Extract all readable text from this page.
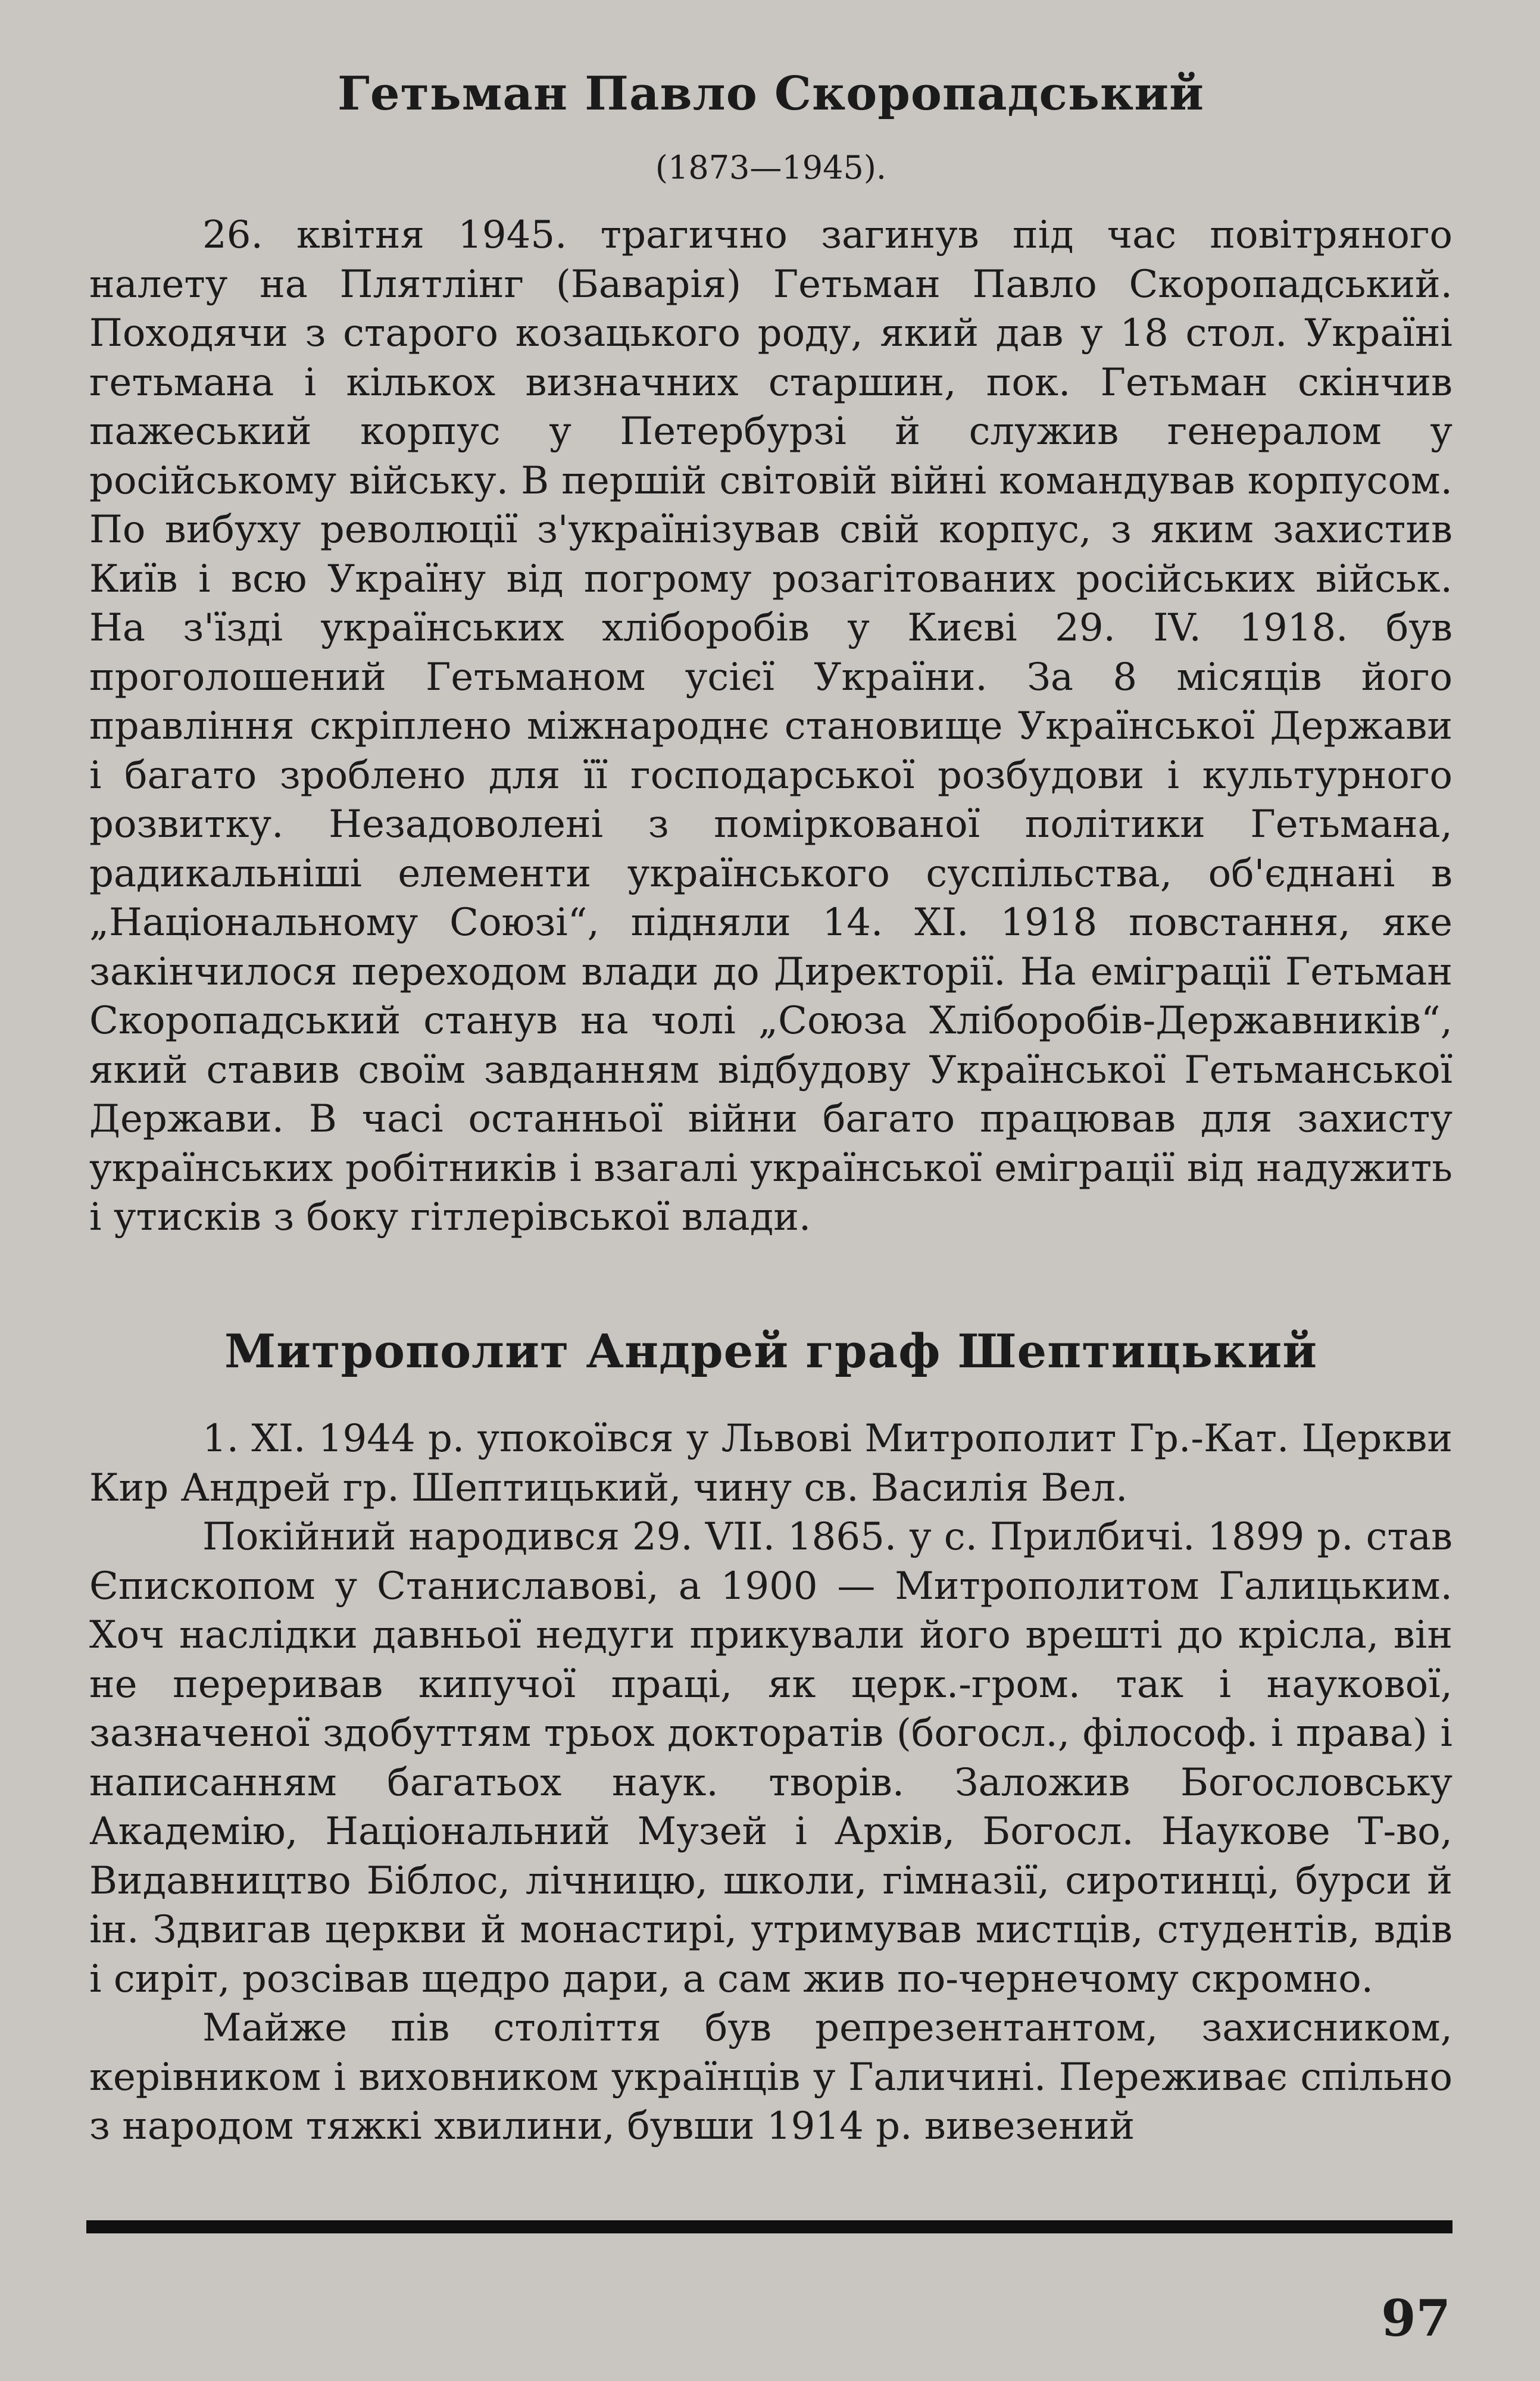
Гетьман Павло Скоропадський
(1873—1945).

26. квітня 1945. трагично загинув під час повітряного налету на Плятлінг (Баварія) Гетьман Павло Скоропадський. Походячи з старого козацького роду, який дав у 18 стол. Україні гетьмана і кількох визначних старшин, пок. Гетьман скінчив пажеський корпус у Петербурзі й служив генералом у російському війську. В першій світовій війні командував корпусом. По вибуху революції з'українізував свій корпус, з яким захистив Київ і всю Україну від погрому розагітованих російських військ. На з'їзді українських хліборобів у Києві 29. IV. 1918. був проголошений Гетьманом усієї України. За 8 місяців його правління скріплено міжнароднє становище Української Держави і багато зроблено для її господарської розбудови і культурного розвитку. Незадоволені з поміркованої політики Гетьмана, радикальніші елементи українського суспільства, об'єднані в „Національному Союзі“, підняли 14. XI. 1918 повстання, яке закінчилося переходом влади до Директорії. На еміграції Гетьман Скоропадський станув на чолі „Союза Хліборобів-Державників“, який ставив своїм завданням відбудову Української Гетьманської Держави. В часі останньої війни багато працював для захисту українських робітників і взагалі української еміграції від надужить і утисків з боку гітлерівської влади.

Митрополит Андрей граф Шептицький

1. XI. 1944 р. упокоївся у Львові Митрополит Гр.-Кат. Церкви Кир Андрей гр. Шептицький, чину св. Василія Вел.

Покійний народився 29. VII. 1865. у с. Прилбичі. 1899 р. став Єпископом у Станиславові, а 1900 — Митрополитом Галицьким. Хоч наслідки давньої недуги прикували його врешті до крісла, він не переривав кипучої праці, як церк.-гром. так і наукової, зазначеної здобуттям трьох докторатів (богосл., філософ. і права) і написанням багатьох наук. творів. Заложив Богословську Академію, Національний Музей і Архів, Богосл. Наукове Т-во, Видавництво Біблос, лічницю, школи, гімназії, сиротинці, бурси й ін. Здвигав церкви й монастирі, утримував мистців, студентів, вдів і сиріт, розсівав щедро дари, а сам жив по-чернечому скромно.

Майже пів століття був репрезентантом, захисником, керівником і виховником українців у Галичині. Переживає спільно з народом тяжкі хвилини, бувши 1914 р. вивезений

97
